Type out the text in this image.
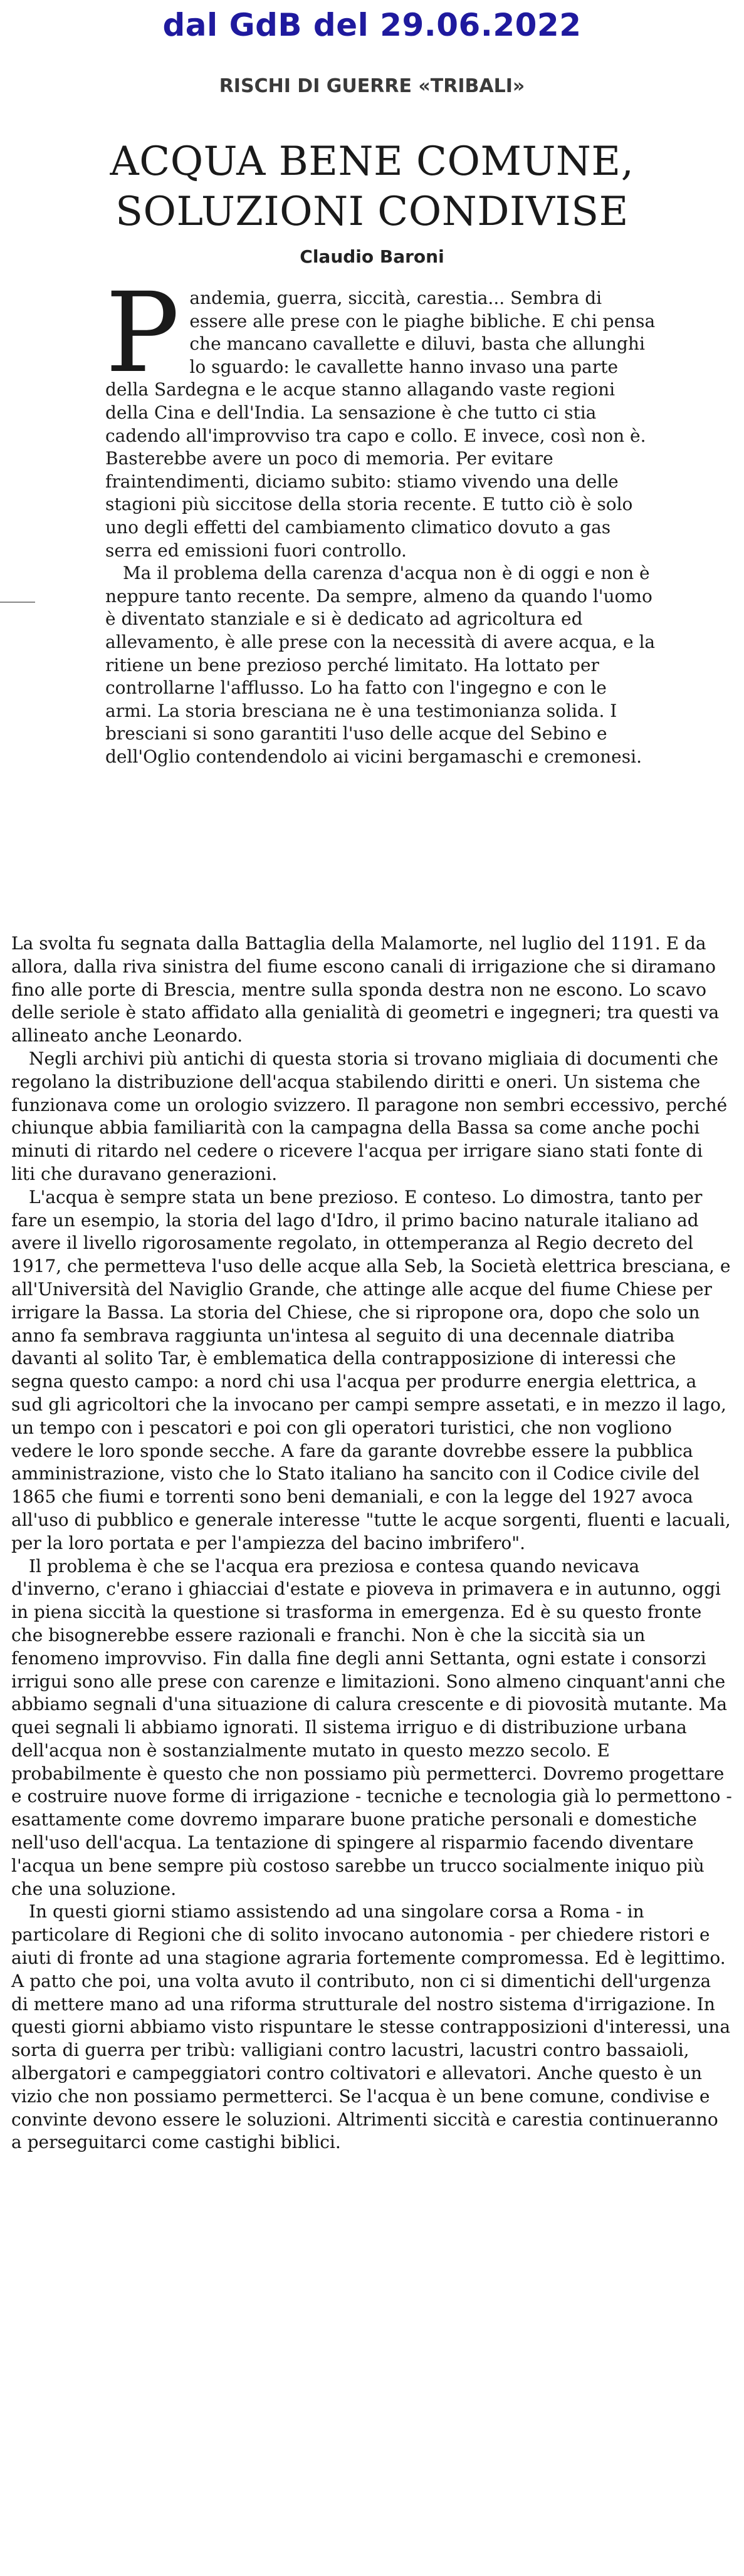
dal GdB del 29.06.2022
RISCHI DI GUERRE «TRIBALI»
ACQUA BENE COMUNE,
SOLUZIONI CONDIVISE
Claudio Baroni

Pandemia, guerra, siccità, carestia... Sembra di essere alle prese con le piaghe bibliche. E chi pensa che mancano cavallette e diluvi, basta che allunghi lo sguardo: le cavallette hanno invaso una parte della Sardegna e le acque stanno allagando vaste regioni della Cina e dell'India. La sensazione è che tutto ci stia cadendo all'improvviso tra capo e collo. E invece, così non è. Basterebbe avere un poco di memoria. Per evitare fraintendimenti, diciamo subito: stiamo vivendo una delle stagioni più siccitose della storia recente. E tutto ciò è solo uno degli effetti del cambiamento climatico dovuto a gas serra ed emissioni fuori controllo.

Ma il problema della carenza d'acqua non è di oggi e non è neppure tanto recente. Da sempre, almeno da quando l'uomo è diventato stanziale e si è dedicato ad agricoltura ed allevamento, è alle prese con la necessità di avere acqua, e la ritiene un bene prezioso perché limitato. Ha lottato per controllarne l'afflusso. Lo ha fatto con l'ingegno e con le armi. La storia bresciana ne è una testimonianza solida. I bresciani si sono garantiti l'uso delle acque del Sebino e dell'Oglio contendendolo ai vicini bergamaschi e cremonesi.

La svolta fu segnata dalla Battaglia della Malamorte, nel luglio del 1191. E da allora, dalla riva sinistra del fiume escono canali di irrigazione che si diramano fino alle porte di Brescia, mentre sulla sponda destra non ne escono. Lo scavo delle seriole è stato affidato alla genialità di geometri e ingegneri; tra questi va allineato anche Leonardo.

Negli archivi più antichi di questa storia si trovano migliaia di documenti che regolano la distribuzione dell'acqua stabilendo diritti e oneri. Un sistema che funzionava come un orologio svizzero. Il paragone non sembri eccessivo, perché chiunque abbia familiarità con la campagna della Bassa sa come anche pochi minuti di ritardo nel cedere o ricevere l'acqua per irrigare siano stati fonte di liti che duravano generazioni.

L'acqua è sempre stata un bene prezioso. E conteso. Lo dimostra, tanto per fare un esempio, la storia del lago d'Idro, il primo bacino naturale italiano ad avere il livello rigorosamente regolato, in ottemperanza al Regio decreto del 1917, che permetteva l'uso delle acque alla Seb, la Società elettrica bresciana, e all'Università del Naviglio Grande, che attinge alle acque del fiume Chiese per irrigare la Bassa. La storia del Chiese, che si ripropone ora, dopo che solo un anno fa sembrava raggiunta un'intesa al seguito di una decennale diatriba davanti al solito Tar, è emblematica della contrapposizione di interessi che segna questo campo: a nord chi usa l'acqua per produrre energia elettrica, a sud gli agricoltori che la invocano per campi sempre assetati, e in mezzo il lago, un tempo con i pescatori e poi con gli operatori turistici, che non vogliono vedere le loro sponde secche. A fare da garante dovrebbe essere la pubblica amministrazione, visto che lo Stato italiano ha sancito con il Codice civile del 1865 che fiumi e torrenti sono beni demaniali, e con la legge del 1927 avoca all'uso di pubblico e generale interesse "tutte le acque sorgenti, fluenti e lacuali, per la loro portata e per l'ampiezza del bacino imbrifero".

Il problema è che se l'acqua era preziosa e contesa quando nevicava d'inverno, c'erano i ghiacciai d'estate e pioveva in primavera e in autunno, oggi in piena siccità la questione si trasforma in emergenza. Ed è su questo fronte che bisognerebbe essere razionali e franchi. Non è che la siccità sia un fenomeno improvviso. Fin dalla fine degli anni Settanta, ogni estate i consorzi irrigui sono alle prese con carenze e limitazioni. Sono almeno cinquant'anni che abbiamo segnali d'una situazione di calura crescente e di piovosità mutante. Ma quei segnali li abbiamo ignorati. Il sistema irriguo e di distribuzione urbana dell'acqua non è sostanzialmente mutato in questo mezzo secolo. E probabilmente è questo che non possiamo più permetterci. Dovremo progettare e costruire nuove forme di irrigazione - tecniche e tecnologia già lo permettono - esattamente come dovremo imparare buone pratiche personali e domestiche nell'uso dell'acqua. La tentazione di spingere al risparmio facendo diventare l'acqua un bene sempre più costoso sarebbe un trucco socialmente iniquo più che una soluzione.

In questi giorni stiamo assistendo ad una singolare corsa a Roma - in particolare di Regioni che di solito invocano autonomia - per chiedere ristori e aiuti di fronte ad una stagione agraria fortemente compromessa. Ed è legittimo. A patto che poi, una volta avuto il contributo, non ci si dimentichi dell'urgenza di mettere mano ad una riforma strutturale del nostro sistema d'irrigazione. In questi giorni abbiamo visto rispuntare le stesse contrapposizioni d'interessi, una sorta di guerra per tribù: valligiani contro lacustri, lacustri contro bassaioli, albergatori e campeggiatori contro coltivatori e allevatori. Anche questo è un vizio che non possiamo permetterci. Se l'acqua è un bene comune, condivise e convinte devono essere le soluzioni. Altrimenti siccità e carestia continueranno a perseguitarci come castighi biblici.
